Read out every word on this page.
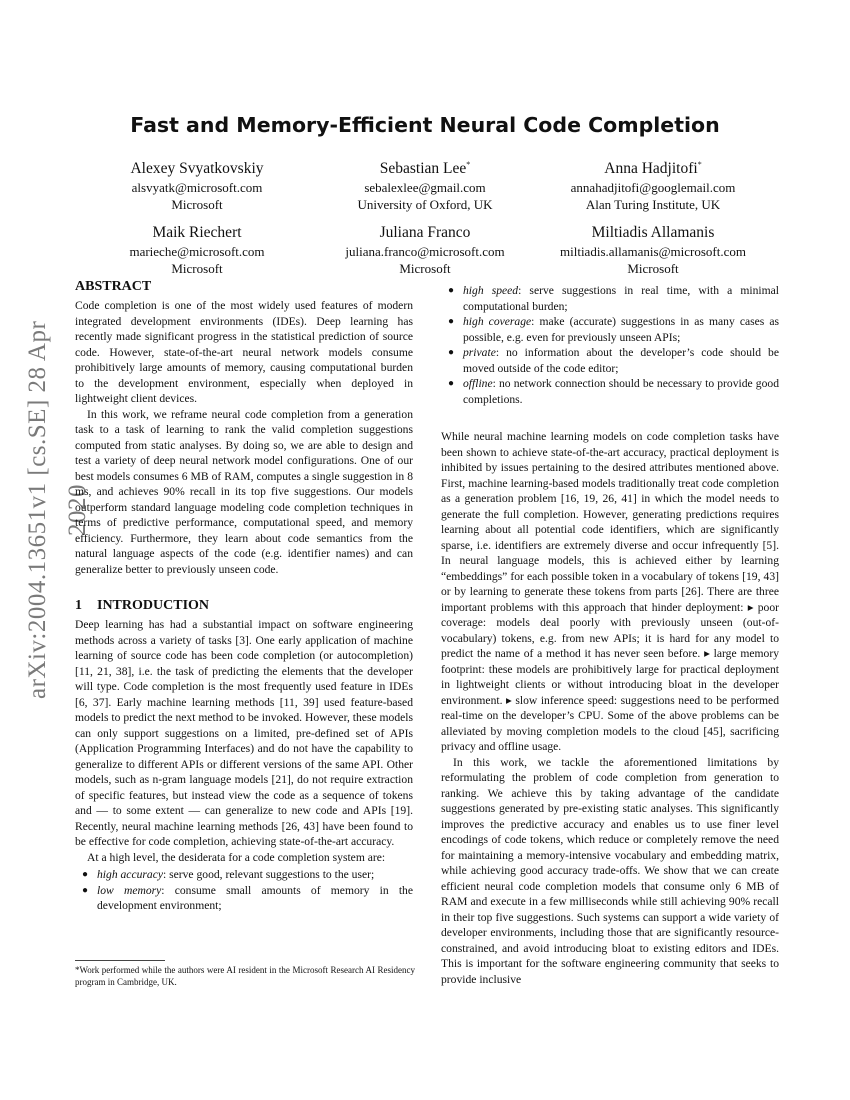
arXiv:2004.13651v1 [cs.SE] 28 Apr 2020
Fast and Memory-Efficient Neural Code Completion
Alexey Svyatkovskiy
alsvyatk@microsoft.com
Microsoft
Sebastian Lee*
sebalexlee@gmail.com
University of Oxford, UK
Anna Hadjitofi*
annahadjitofi@googlemail.com
Alan Turing Institute, UK
Maik Riechert
marieche@microsoft.com
Microsoft
Juliana Franco
juliana.franco@microsoft.com
Microsoft
Miltiadis Allamanis
miltiadis.allamanis@microsoft.com
Microsoft
ABSTRACT

Code completion is one of the most widely used features of modern integrated development environments (IDEs). Deep learning has recently made significant progress in the statistical prediction of source code. However, state-of-the-art neural network models consume prohibitively large amounts of memory, causing computational burden to the development environment, especially when deployed in lightweight client devices.

In this work, we reframe neural code completion from a generation task to a task of learning to rank the valid completion suggestions computed from static analyses. By doing so, we are able to design and test a variety of deep neural network model configurations. One of our best models consumes 6 MB of RAM, computes a single suggestion in 8 ms, and achieves 90% recall in its top five suggestions. Our models outperform standard language modeling code completion techniques in terms of predictive performance, computational speed, and memory efficiency. Furthermore, they learn about code semantics from the natural language aspects of the code (e.g. identifier names) and can generalize better to previously unseen code.

1 INTRODUCTION

Deep learning has had a substantial impact on software engineering methods across a variety of tasks [3]. One early application of machine learning of source code has been code completion (or autocompletion) [11, 21, 38], i.e. the task of predicting the elements that the developer will type. Code completion is the most frequently used feature in IDEs [6, 37]. Early machine learning methods [11, 39] used feature-based models to predict the next method to be invoked. However, these models can only support suggestions on a limited, pre-defined set of APIs (Application Programming Interfaces) and do not have the capability to generalize to different APIs or different versions of the same API. Other models, such as n-gram language models [21], do not require extraction of specific features, but instead view the code as a sequence of tokens and — to some extent — can generalize to new code and APIs [19]. Recently, neural machine learning methods [26, 43] have been found to be effective for code completion, achieving state-of-the-art accuracy.

At a high level, the desiderata for a code completion system are:

● high accuracy: serve good, relevant suggestions to the user;
● low memory: consume small amounts of memory in the development environment;
● high speed: serve suggestions in real time, with a minimal computational burden;
● high coverage: make (accurate) suggestions in as many cases as possible, e.g. even for previously unseen APIs;
● private: no information about the developer’s code should be moved outside of the code editor;
● offline: no network connection should be necessary to provide good completions.

While neural machine learning models on code completion tasks have been shown to achieve state-of-the-art accuracy, practical deployment is inhibited by issues pertaining to the desired attributes mentioned above. First, machine learning-based models traditionally treat code completion as a generation problem [16, 19, 26, 41] in which the model needs to generate the full completion. However, generating predictions requires learning about all potential code identifiers, which are significantly sparse, i.e. identifiers are extremely diverse and occur infrequently [5]. In neural language models, this is achieved either by learning “embeddings” for each possible token in a vocabulary of tokens [19, 43] or by learning to generate these tokens from parts [26]. There are three important problems with this approach that hinder deployment: ▸ poor coverage: models deal poorly with previously unseen (out-of-vocabulary) tokens, e.g. from new APIs; it is hard for any model to predict the name of a method it has never seen before. ▸ large memory footprint: these models are prohibitively large for practical deployment in lightweight clients or without introducing bloat in the developer environment. ▸ slow inference speed: suggestions need to be performed real-time on the developer’s CPU. Some of the above problems can be alleviated by moving completion models to the cloud [45], sacrificing privacy and offline usage.

In this work, we tackle the aforementioned limitations by reformulating the problem of code completion from generation to ranking. We achieve this by taking advantage of the candidate suggestions generated by pre-existing static analyses. This significantly improves the predictive accuracy and enables us to use finer level encodings of code tokens, which reduce or completely remove the need for maintaining a memory-intensive vocabulary and embedding matrix, while achieving good accuracy trade-offs. We show that we can create efficient neural code completion models that consume only 6 MB of RAM and execute in a few milliseconds while still achieving 90% recall in their top five suggestions. Such systems can support a wide variety of developer environments, including those that are significantly resource-constrained, and avoid introducing bloat to existing editors and IDEs. This is important for the software engineering community that seeks to provide inclusive

*Work performed while the authors were AI resident in the Microsoft Research AI Residency program in Cambridge, UK.
